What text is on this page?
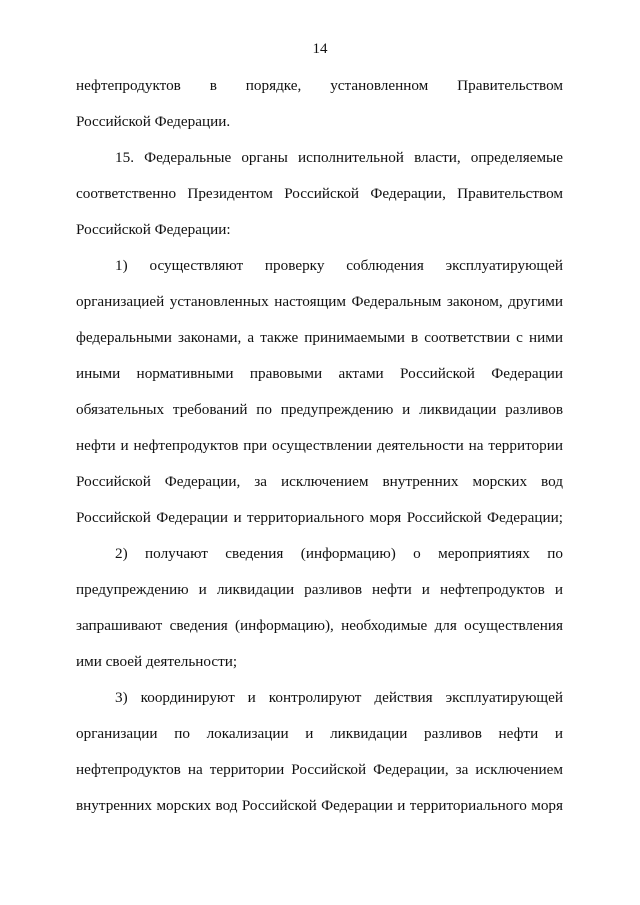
14
нефтепродуктов в порядке, установленном Правительством
Российской Федерации.
15. Федеральные органы исполнительной власти, определяемые
соответственно Президентом Российской Федерации, Правительством
Российской Федерации:
1) осуществляют проверку соблюдения эксплуатирующей
организацией установленных настоящим Федеральным законом, другими
федеральными законами, а также принимаемыми в соответствии с ними
иными нормативными правовыми актами Российской Федерации
обязательных требований по предупреждению и ликвидации разливов
нефти и нефтепродуктов при осуществлении деятельности на территории
Российской Федерации, за исключением внутренних морских вод
Российской Федерации и территориального моря Российской Федерации;
2) получают сведения (информацию) о мероприятиях по
предупреждению и ликвидации разливов нефти и нефтепродуктов и
запрашивают сведения (информацию), необходимые для осуществления
ими своей деятельности;
3) координируют и контролируют действия эксплуатирующей
организации по локализации и ликвидации разливов нефти и
нефтепродуктов на территории Российской Федерации, за исключением
внутренних морских вод Российской Федерации и территориального моря
